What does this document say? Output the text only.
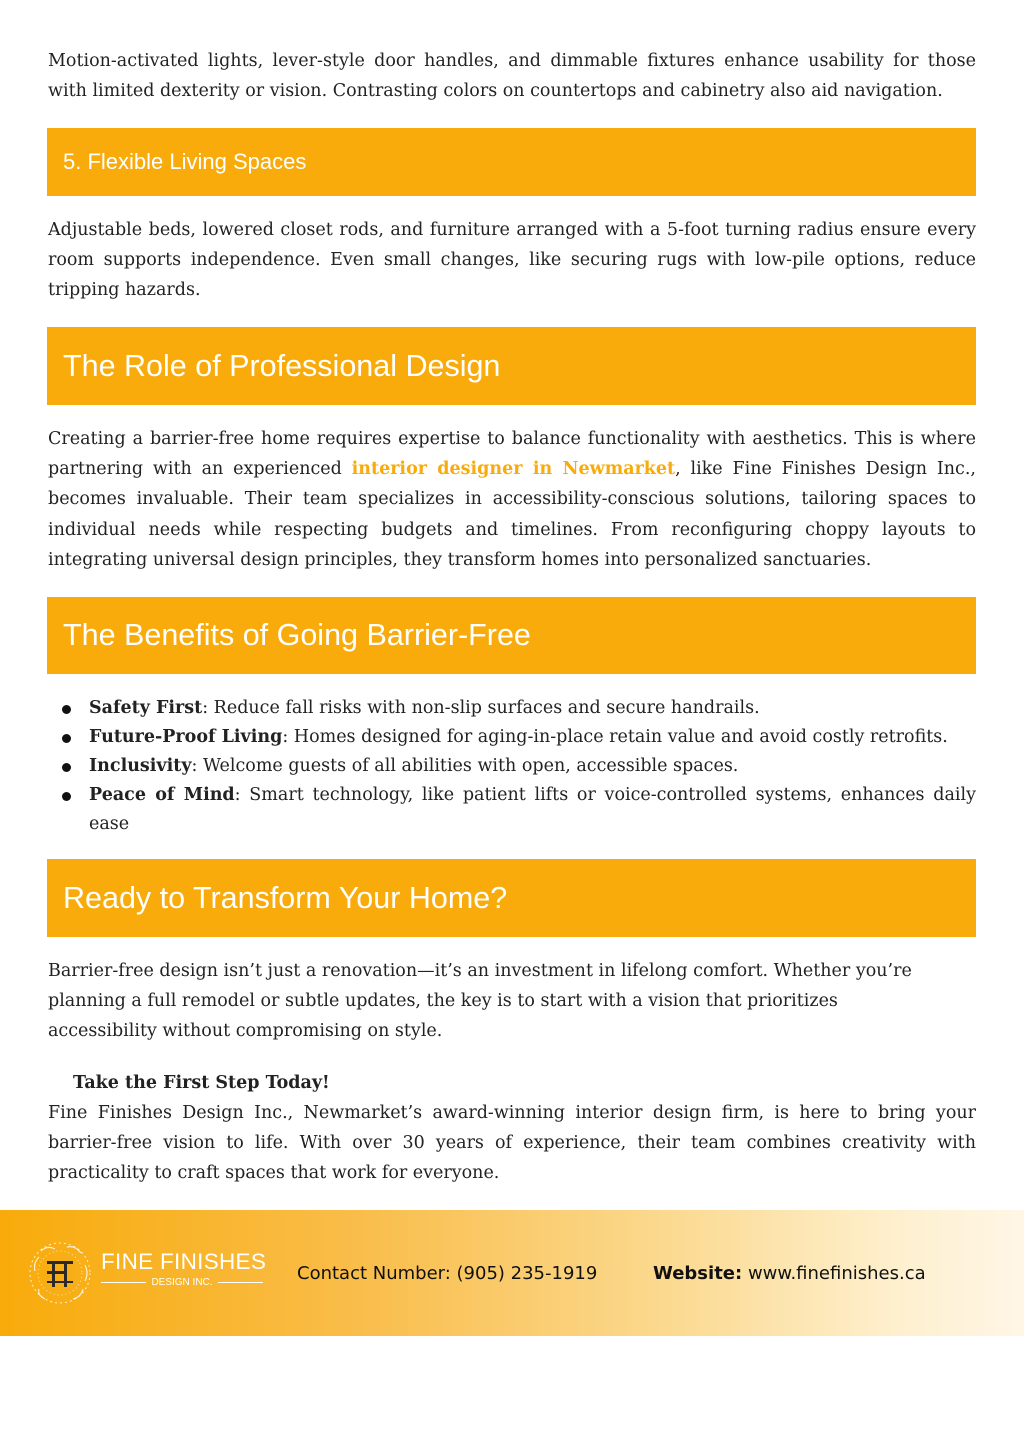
Motion-activated lights, lever-style door handles, and dimmable fixtures enhance usability for those with limited dexterity or vision. Contrasting colors on countertops and cabinetry also aid navigation.

5. Flexible Living Spaces

Adjustable beds, lowered closet rods, and furniture arranged with a 5-foot turning radius ensure every room supports independence. Even small changes, like securing rugs with low-pile options, reduce tripping hazards.

The Role of Professional Design

Creating a barrier-free home requires expertise to balance functionality with aesthetics. This is where partnering with an experienced interior designer in Newmarket, like Fine Finishes Design Inc., becomes invaluable. Their team specializes in accessibility-conscious solutions, tailoring spaces to individual needs while respecting budgets and timelines. From reconfiguring choppy layouts to integrating universal design principles, they transform homes into personalized sanctuaries.

The Benefits of Going Barrier-Free
Safety First: Reduce fall risks with non-slip surfaces and secure handrails.
Future-Proof Living: Homes designed for aging-in-place retain value and avoid costly retrofits.
Inclusivity: Welcome guests of all abilities with open, accessible spaces.
Peace of Mind: Smart technology, like patient lifts or voice-controlled systems, enhances daily ease
Ready to Transform Your Home?

Barrier-free design isn’t just a renovation—it’s an investment in lifelong comfort. Whether you’re planning a full remodel or subtle updates, the key is to start with a vision that prioritizes accessibility without compromising on style.

Take the First Step Today!

Fine Finishes Design Inc., Newmarket’s award-winning interior design firm, is here to bring your barrier-free vision to life. With over 30 years of experience, their team combines creativity with practicality to craft spaces that work for everyone.

FINE FINISHES
DESIGN INC.	Contact Number: (905) 235-1919	Website: www.finefinishes.ca
